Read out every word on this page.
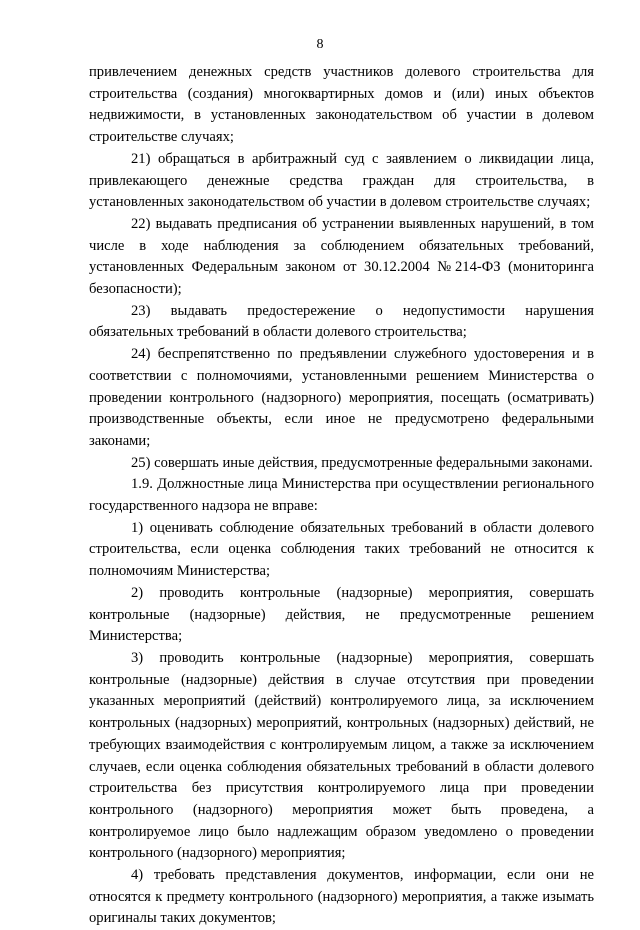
8

привлечением денежных средств участников долевого строительства для строительства (создания) многоквартирных домов и (или) иных объектов недвижимости, в установленных законодательством об участии в долевом строительстве случаях;

21) обращаться в арбитражный суд с заявлением о ликвидации лица, привлекающего денежные средства граждан для строительства, в установленных законодательством об участии в долевом строительстве случаях;

22) выдавать предписания об устранении выявленных нарушений, в том числе в ходе наблюдения за соблюдением обязательных требований, установленных Федеральным законом от 30.12.2004 №214-ФЗ (мониторинга безопасности);

23) выдавать предостережение о недопустимости нарушения обязательных требований в области долевого строительства;

24) беспрепятственно по предъявлении служебного удостоверения и в соответствии с полномочиями, установленными решением Министерства о проведении контрольного (надзорного) мероприятия, посещать (осматривать) производственные объекты, если иное не предусмотрено федеральными законами;

25) совершать иные действия, предусмотренные федеральными законами.

1.9. Должностные лица Министерства при осуществлении регионального государственного надзора не вправе:

1) оценивать соблюдение обязательных требований в области долевого строительства, если оценка соблюдения таких требований не относится к полномочиям Министерства;

2) проводить контрольные (надзорные) мероприятия, совершать контрольные (надзорные) действия, не предусмотренные решением Министерства;

3) проводить контрольные (надзорные) мероприятия, совершать контрольные (надзорные) действия в случае отсутствия при проведении указанных мероприятий (действий) контролируемого лица, за исключением контрольных (надзорных) мероприятий, контрольных (надзорных) действий, не требующих взаимодействия с контролируемым лицом, а также за исключением случаев, если оценка соблюдения обязательных требований в области долевого строительства без присутствия контролируемого лица при проведении контрольного (надзорного) мероприятия может быть проведена, а контролируемое лицо было надлежащим образом уведомлено о проведении контрольного (надзорного) мероприятия;

4) требовать представления документов, информации, если они не относятся к предмету контрольного (надзорного) мероприятия, а также изымать оригиналы таких документов;
